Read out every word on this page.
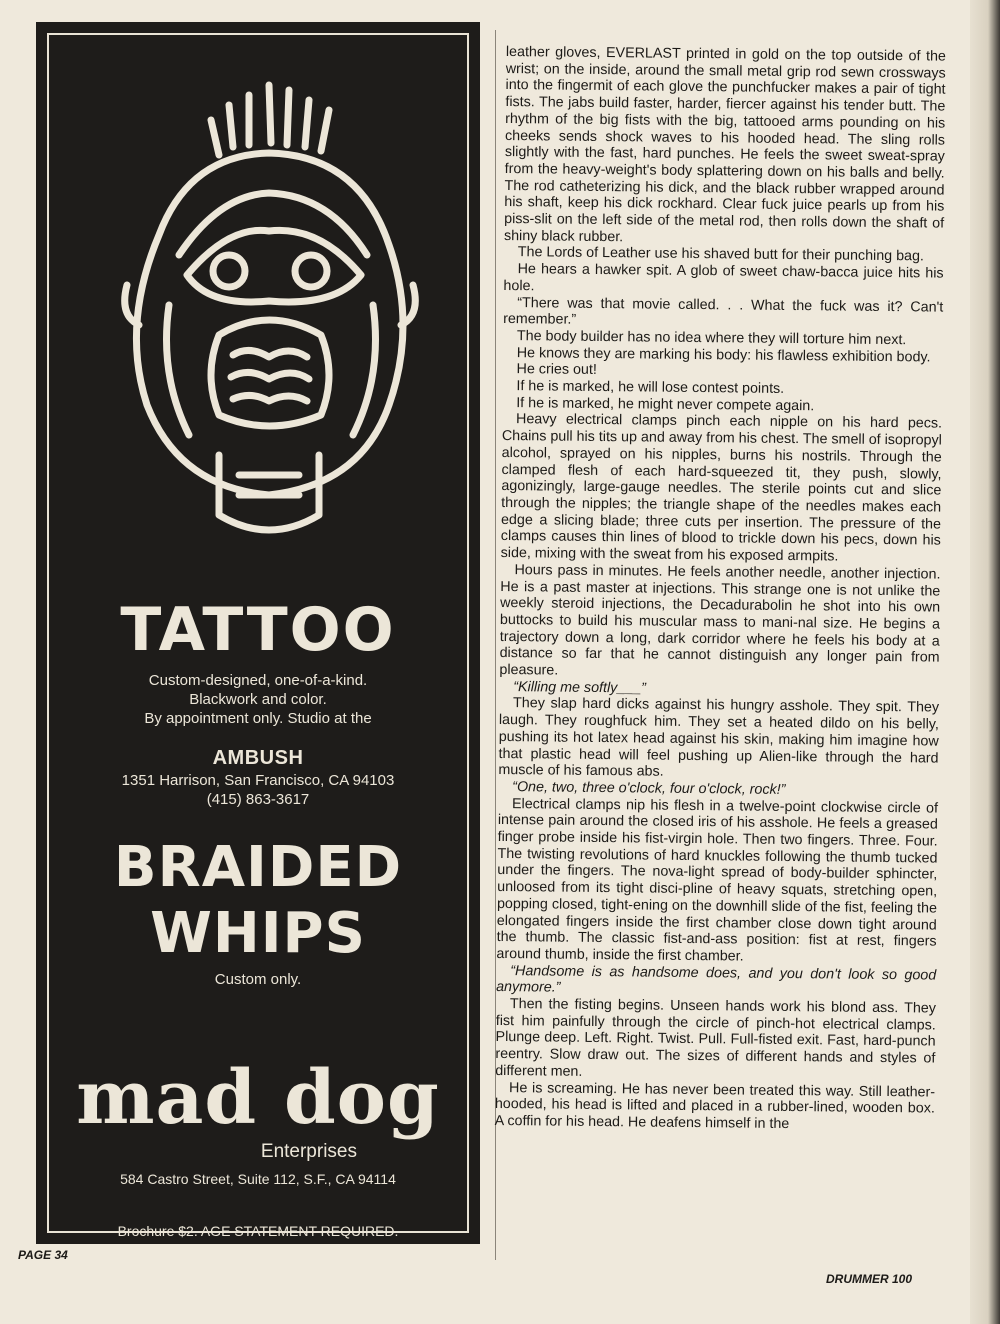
TATTOO
Custom-designed, one-of-a-kind.
Blackwork and color.
By appointment only. Studio at the
AMBUSH
1351 Harrison, San Francisco, CA 94103
(415) 863-3617
BRAIDED
WHIPS
Custom only.
mad dog
Enterprises
584 Castro Street, Suite 112, S.F., CA 94114
Brochure $2. AGE STATEMENT REQUIRED.

leather gloves, EVERLAST printed in gold on the top outside of the wrist; on the inside, around the small metal grip rod sewn crossways into the fingermit of each glove the punchfucker makes a pair of tight fists. The jabs build faster, harder, fiercer against his tender butt. The rhythm of the big fists with the big, tattooed arms pounding on his cheeks sends shock waves to his hooded head. The sling rolls slightly with the fast, hard punches. He feels the sweet sweat-spray from the heavy-weight's body splattering down on his balls and belly. The rod catheterizing his dick, and the black rubber wrapped around his shaft, keep his dick rockhard. Clear fuck juice pearls up from his piss-slit on the left side of the metal rod, then rolls down the shaft of shiny black rubber.

The Lords of Leather use his shaved butt for their punching bag.

He hears a hawker spit. A glob of sweet chaw-bacca juice hits his hole.

“There was that movie called. . . What the fuck was it? Can't remember.”

The body builder has no idea where they will torture him next.

He knows they are marking his body: his flawless exhibition body.

He cries out!

If he is marked, he will lose contest points.

If he is marked, he might never compete again.

Heavy electrical clamps pinch each nipple on his hard pecs. Chains pull his tits up and away from his chest. The smell of isopropyl alcohol, sprayed on his nipples, burns his nostrils. Through the clamped flesh of each hard-squeezed tit, they push, slowly, agonizingly, large-gauge needles. The sterile points cut and slice through the nipples; the triangle shape of the needles makes each edge a slicing blade; three cuts per insertion. The pressure of the clamps causes thin lines of blood to trickle down his pecs, down his side, mixing with the sweat from his exposed armpits.

Hours pass in minutes. He feels another needle, another injection. He is a past master at injections. This strange one is not unlike the weekly steroid injections, the Decadurabolin he shot into his own buttocks to build his muscular mass to mani-nal size. He begins a trajectory down a long, dark corridor where he feels his body at a distance so far that he cannot distinguish any longer pain from pleasure.

“Killing me softly___”

They slap hard dicks against his hungry asshole. They spit. They laugh. They roughfuck him. They set a heated dildo on his belly, pushing its hot latex head against his skin, making him imagine how that plastic head will feel pushing up Alien-like through the hard muscle of his famous abs.

“One, two, three o'clock, four o'clock, rock!”

Electrical clamps nip his flesh in a twelve-point clockwise circle of intense pain around the closed iris of his asshole. He feels a greased finger probe inside his fist-virgin hole. Then two fingers. Three. Four. The twisting revolutions of hard knuckles following the thumb tucked under the fingers. The nova-light spread of body-builder sphincter, unloosed from its tight disci-pline of heavy squats, stretching open, popping closed, tight-ening on the downhill slide of the fist, feeling the elongated fingers inside the first chamber close down tight around the thumb. The classic fist-and-ass position: fist at rest, fingers around thumb, inside the first chamber.

“Handsome is as handsome does, and you don't look so good anymore.”

Then the fisting begins. Unseen hands work his blond ass. They fist him painfully through the circle of pinch-hot electrical clamps. Plunge deep. Left. Right. Twist. Pull. Full-fisted exit. Fast, hard-punch reentry. Slow draw out. The sizes of different hands and styles of different men.

He is screaming. He has never been treated this way. Still leather-hooded, his head is lifted and placed in a rubber-lined, wooden box. A coffin for his head. He deafens himself in the

PAGE 34
DRUMMER 100
